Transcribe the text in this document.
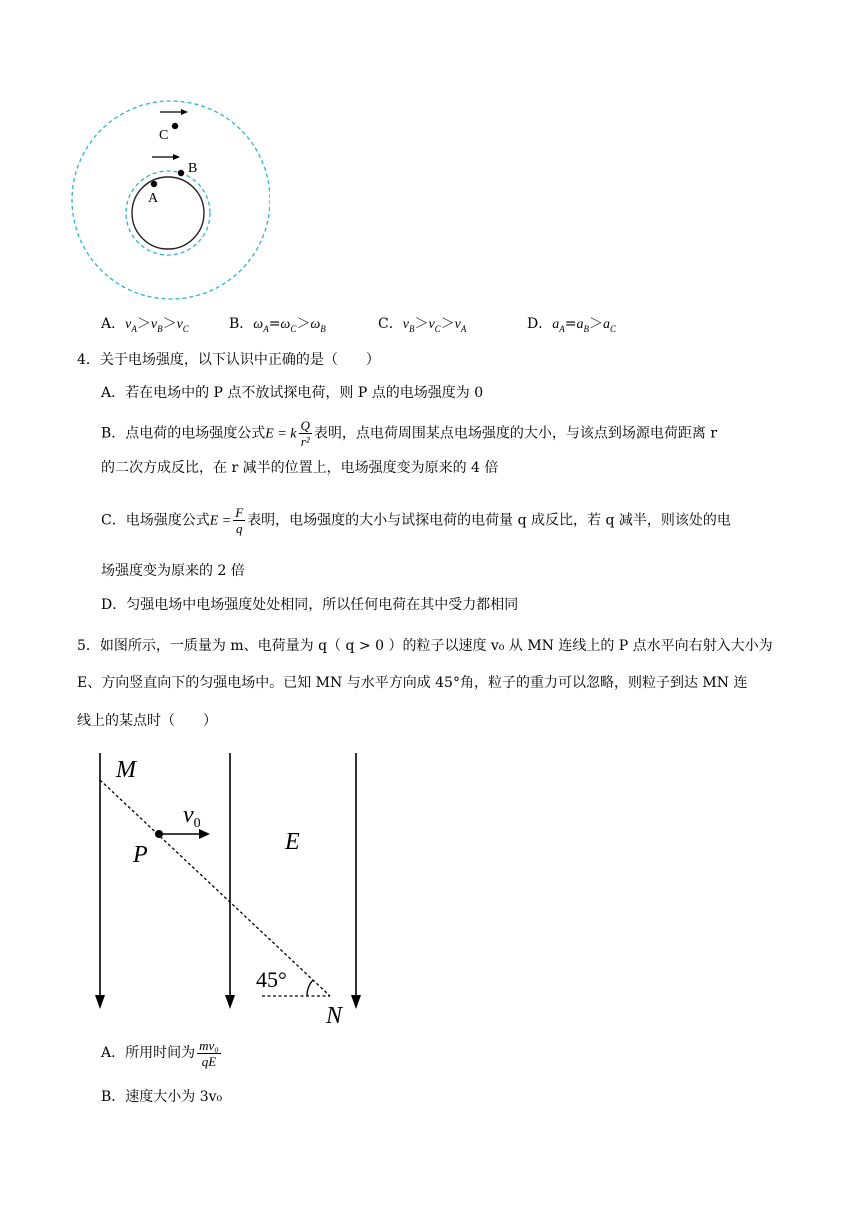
C
B
A
A．$v_A>v_B>v_C$	B．$\omega_A=\omega_C>\omega_B$	C．$v_B>v_C>v_A$	D．$a_A=a_B>a_C$
4．关于电场强度，以下认识中正确的是（　　）
A．若在电场中的 P 点不放试探电荷，则 P 点的电场强度为 0
B．点电荷的电场强度公式E = k $\frac{Q}{\text{r²}}$ 表明，点电荷周围某点电场强度的大小，与该点到场源电荷距离 r
的二次方成反比，在 r 减半的位置上，电场强度变为原来的 4 倍
C．电场强度公式$E = \frac{F}{q}$ 表明，电场强度的大小与试探电荷的电荷量 q 成反比，若 q 减半，则该处的电
场强度变为原来的 2 倍
D．匀强电场中电场强度处处相同，所以任何电荷在其中受力都相同
5．如图所示，一质量为 m、电荷量为 q（ q > 0 ）的粒子以速度 v₀ 从 MN 连线上的 P 点水平向右射入大小为
E、方向竖直向下的匀强电场中。已知 MN 与水平方向成 45°角，粒子的重力可以忽略，则粒子到达 MN 连
线上的某点时（　　）
M
P
$v_0$
E
45°
N
A．所用时间为 $\frac{\text{mv₀}}{qE}$
B．速度大小为 3v₀
